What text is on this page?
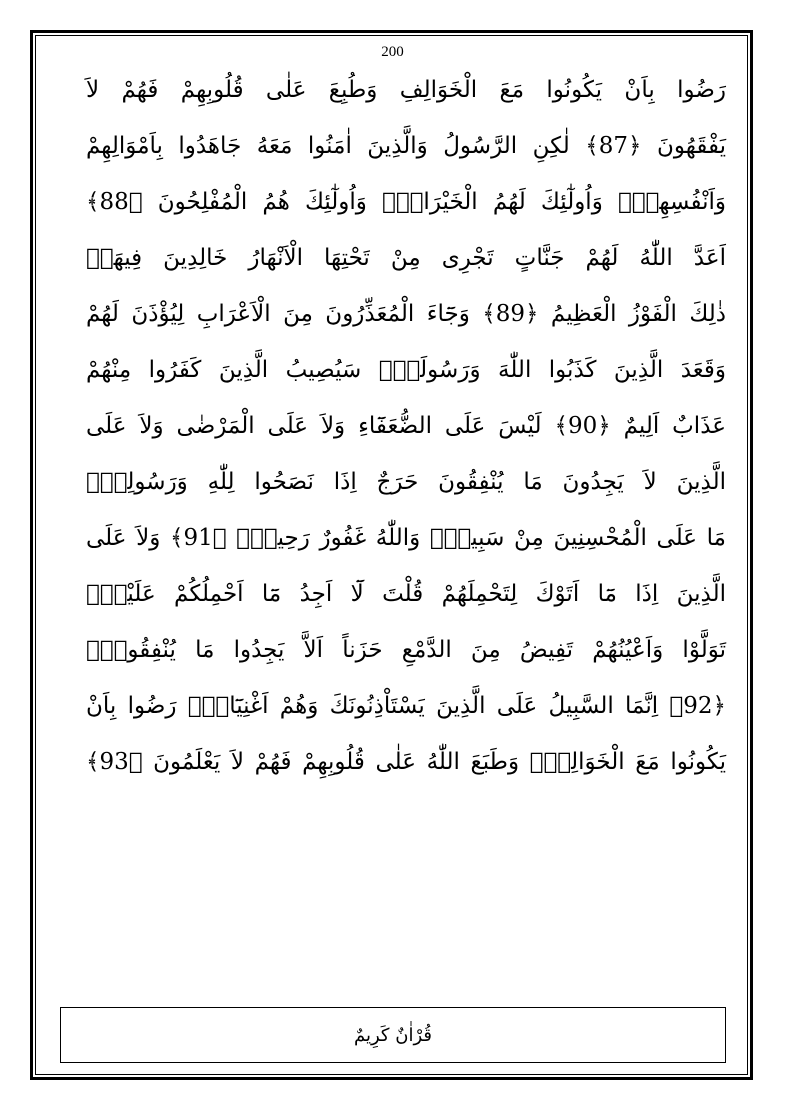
200
رَضُوا بِاَنْ يَكُونُوا مَعَ الْخَوَالِفِ وَطُبِعَ عَلٰى قُلُوبِهِمْ فَهُمْ لاَ
يَفْقَهُونَ ﴿87﴾ لٰكِنِ الرَّسُولُ وَالَّذِينَ اٰمَنُوا مَعَهُ جَاهَدُوا بِاَمْوَالِهِمْ
وَاَنْفُسِهِمْۜ وَاُولٰٓئِكَ لَهُمُ الْخَيْرَاتُۘ وَاُولٰٓئِكَ هُمُ الْمُفْلِحُونَ ﴿88﴾
اَعَدَّ اللّٰهُ لَهُمْ جَنَّاتٍ تَجْرِى مِنْ تَحْتِهَا الْاَنْهَارُ خَالِدِينَ فِيهَاۜ
ذٰلِكَ الْفَوْزُ الْعَظِيمُ ﴿89﴾ وَجَٓاءَ الْمُعَذِّرُونَ مِنَ الْاَعْرَابِ لِيُؤْذَنَ لَهُمْ
وَقَعَدَ الَّذِينَ كَذَبُوا اللّٰهَ وَرَسُولَهُۜ سَيُصِيبُ الَّذِينَ كَفَرُوا مِنْهُمْ
عَذَابٌ اَلِيمٌ ﴿90﴾ لَيْسَ عَلَى الضُّعَفَٓاءِ وَلاَ عَلَى الْمَرْضٰى وَلاَ عَلَى
الَّذِينَ لاَ يَجِدُونَ مَا يُنْفِقُونَ حَرَجٌ اِذَا نَصَحُوا لِلّٰهِ وَرَسُولِهِۜ
مَا عَلَى الْمُحْسِنِينَ مِنْ سَبِيلٍۜ وَاللّٰهُ غَفُورٌ رَحِيمٌۙ ﴿91﴾ وَلاَ عَلَى
الَّذِينَ اِذَا مَٓا اَتَوْكَ لِتَحْمِلَهُمْ قُلْتَ لَٓا اَجِدُ مَٓا اَحْمِلُكُمْ عَلَيْهِۖ
تَوَلَّوْا وَاَعْيُنُهُمْ تَفِيضُ مِنَ الدَّمْعِ حَزَناً اَلاَّ يَجِدُوا مَا يُنْفِقُونَۜ
﴿92﴾ اِنَّمَا السَّبِيلُ عَلَى الَّذِينَ يَسْتَاْذِنُونَكَ وَهُمْ اَغْنِيَٓاءُۚ رَضُوا بِاَنْ
يَكُونُوا مَعَ الْخَوَالِفِۙ وَطَبَعَ اللّٰهُ عَلٰى قُلُوبِهِمْ فَهُمْ لاَ يَعْلَمُونَ ﴿93﴾
قُرْاٰنٌ كَرِيمٌ
